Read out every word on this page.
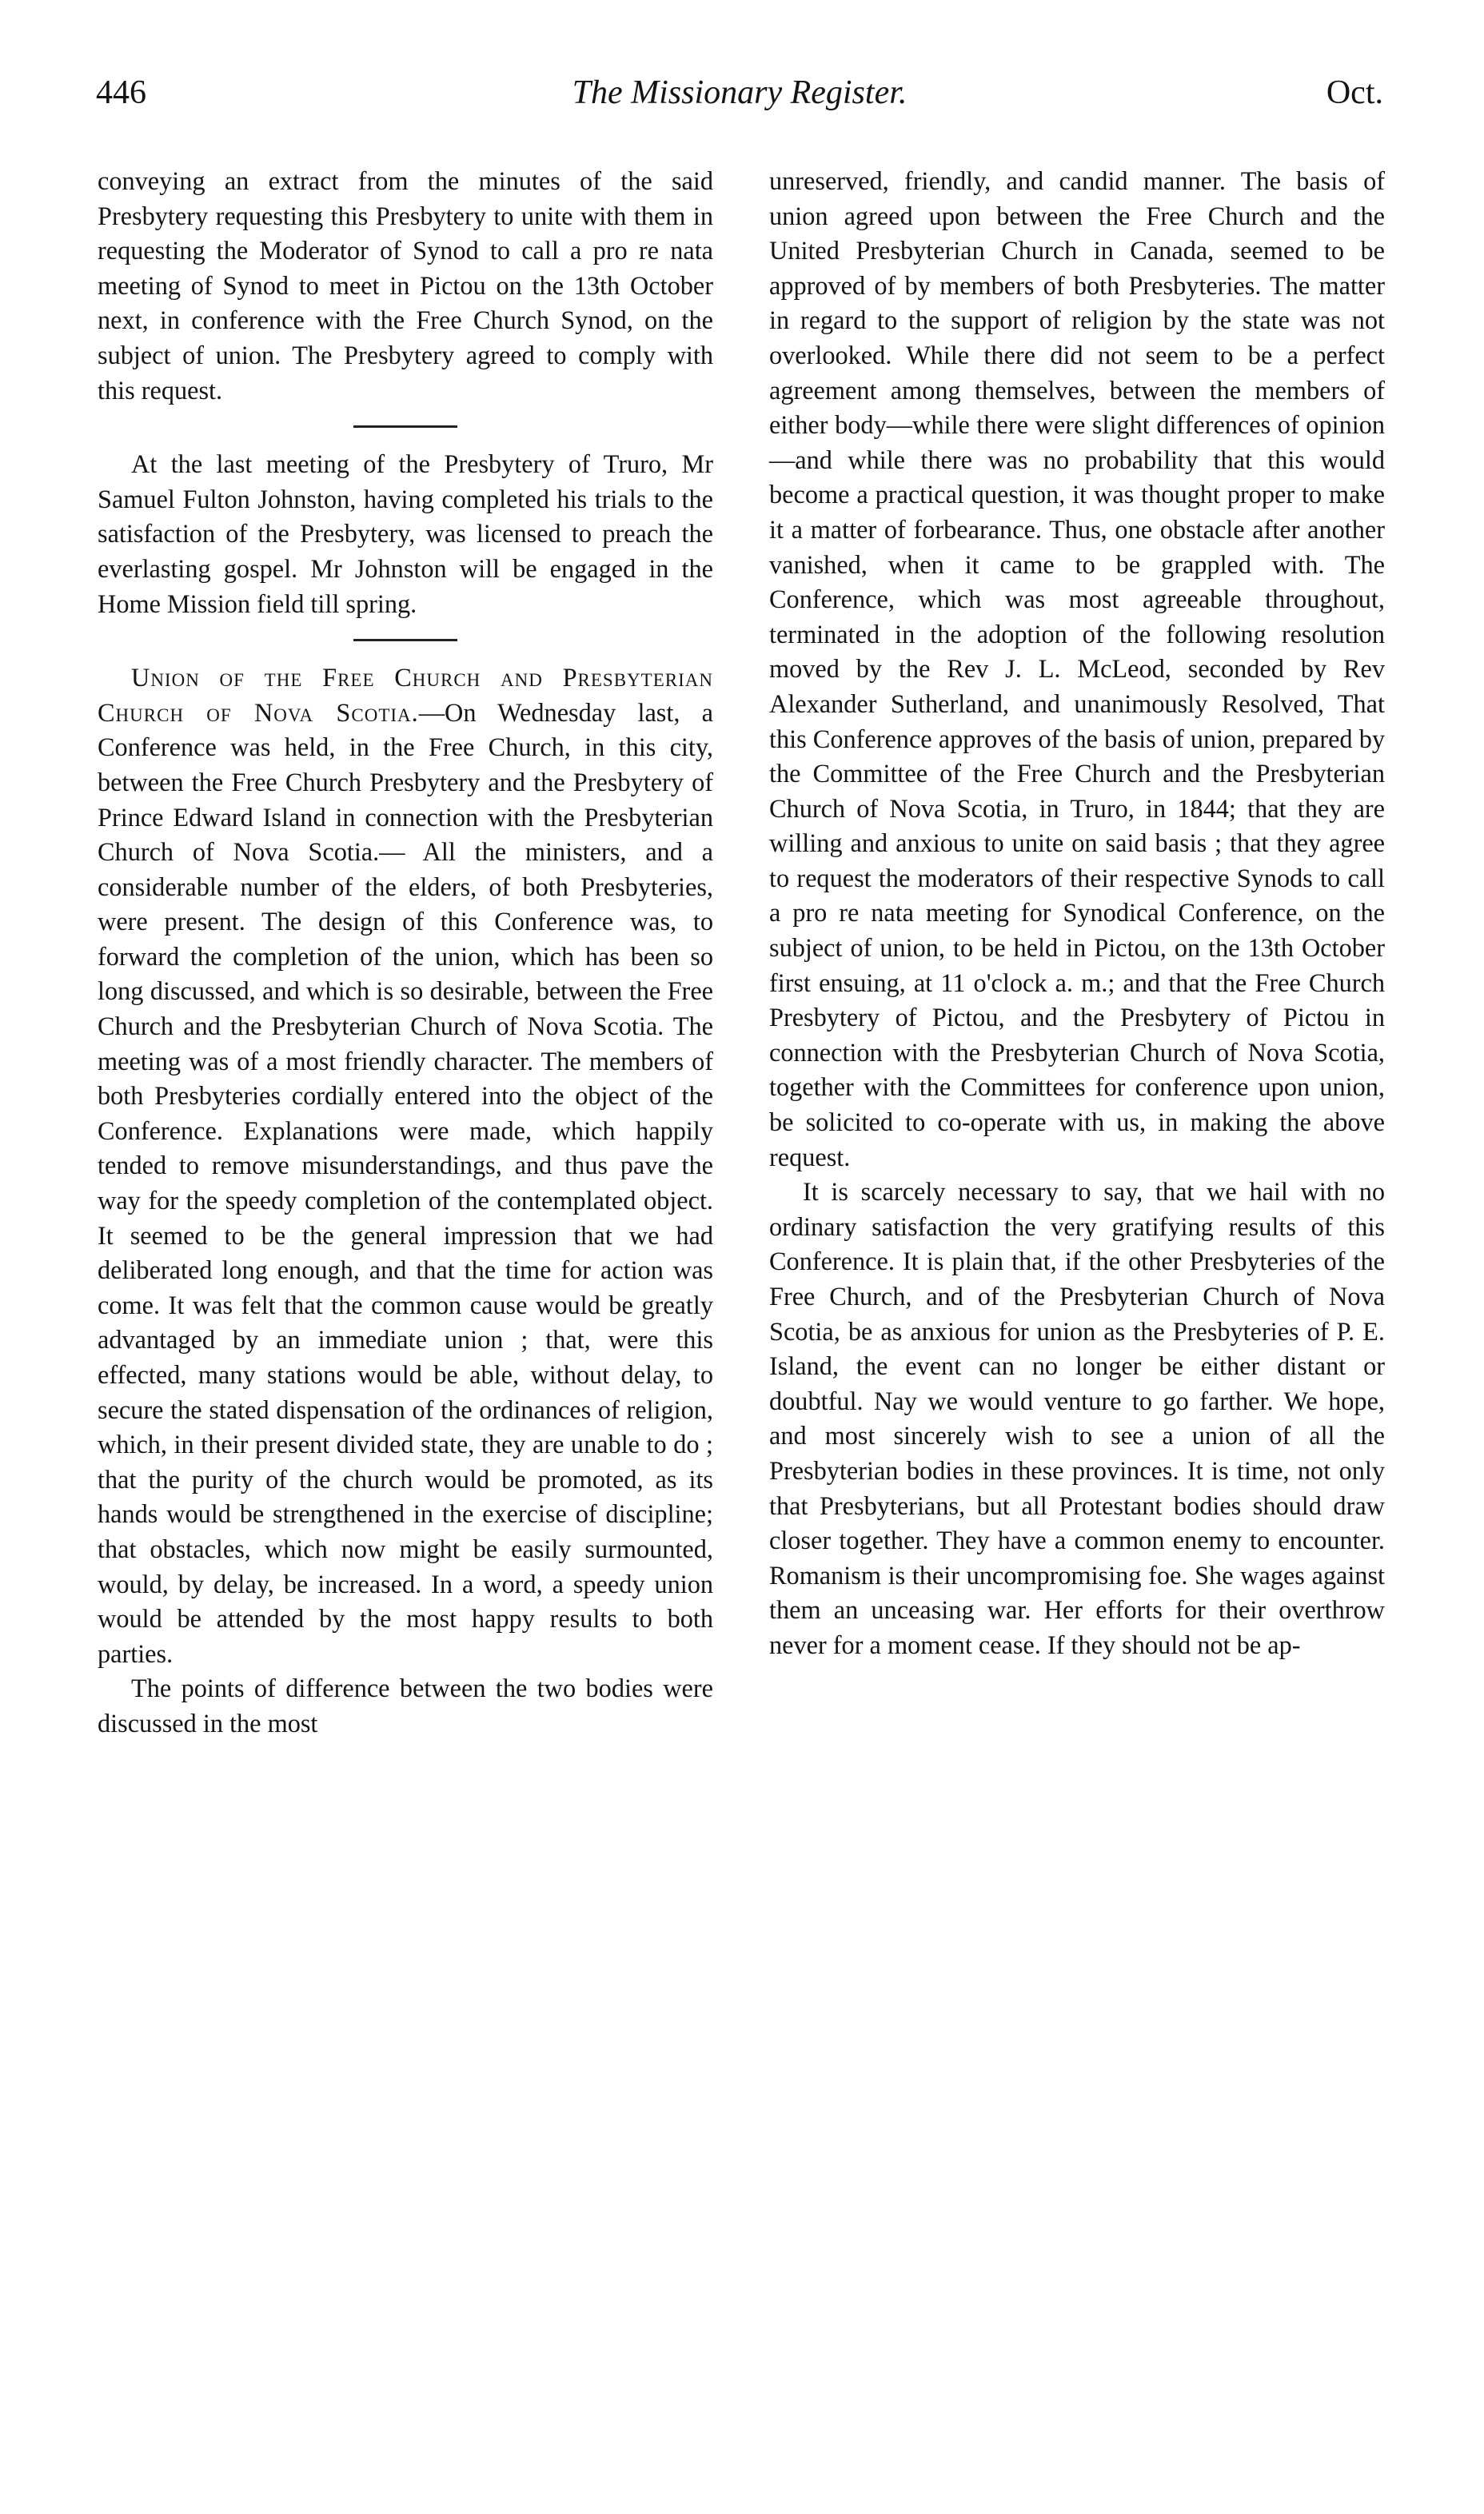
446	The Missionary Register.	Oct.

conveying an extract from the minutes of the said Presbytery requesting this Presbytery to unite with them in requesting the Moderator of Synod to call a pro re nata meeting of Synod to meet in Pictou on the 13th October next, in conference with the Free Church Synod, on the subject of union. The Presbytery agreed to comply with this request.

At the last meeting of the Presbytery of Truro, Mr Samuel Fulton Johnston, having completed his trials to the satisfaction of the Presbytery, was licensed to preach the everlasting gospel. Mr Johnston will be engaged in the Home Mission field till spring.

Union of the Free Church and Presbyterian Church of Nova Scotia.—On Wednesday last, a Conference was held, in the Free Church, in this city, between the Free Church Presbytery and the Presbytery of Prince Edward Island in connection with the Presbyterian Church of Nova Scotia.— All the ministers, and a considerable number of the elders, of both Presbyteries, were present. The design of this Conference was, to forward the completion of the union, which has been so long discussed, and which is so desirable, between the Free Church and the Presbyterian Church of Nova Scotia. The meeting was of a most friendly character. The members of both Presbyteries cordially entered into the object of the Conference. Explanations were made, which happily tended to remove misunderstandings, and thus pave the way for the speedy completion of the contemplated object. It seemed to be the general impression that we had deliberated long enough, and that the time for action was come. It was felt that the common cause would be greatly advantaged by an immediate union ; that, were this effected, many stations would be able, without delay, to secure the stated dispensation of the ordinances of religion, which, in their present divided state, they are unable to do ; that the purity of the church would be promoted, as its hands would be strengthened in the exercise of discipline; that obstacles, which now might be easily surmounted, would, by delay, be increased. In a word, a speedy union would be attended by the most happy results to both parties.

The points of difference between the two bodies were discussed in the most

unreserved, friendly, and candid manner. The basis of union agreed upon between the Free Church and the United Presbyterian Church in Canada, seemed to be approved of by members of both Presbyteries. The matter in regard to the support of religion by the state was not overlooked. While there did not seem to be a perfect agreement among themselves, between the members of either body—while there were slight differences of opinion—and while there was no probability that this would become a practical question, it was thought proper to make it a matter of forbearance. Thus, one obstacle after another vanished, when it came to be grappled with. The Conference, which was most agreeable throughout, terminated in the adoption of the following resolution moved by the Rev J. L. McLeod, seconded by Rev Alexander Sutherland, and unanimously Resolved, That this Conference approves of the basis of union, prepared by the Committee of the Free Church and the Presbyterian Church of Nova Scotia, in Truro, in 1844; that they are willing and anxious to unite on said basis ; that they agree to request the moderators of their respective Synods to call a pro re nata meeting for Synodical Conference, on the subject of union, to be held in Pictou, on the 13th October first ensuing, at 11 o'clock a. m.; and that the Free Church Presbytery of Pictou, and the Presbytery of Pictou in connection with the Presbyterian Church of Nova Scotia, together with the Committees for conference upon union, be solicited to co-operate with us, in making the above request.

It is scarcely necessary to say, that we hail with no ordinary satisfaction the very gratifying results of this Conference. It is plain that, if the other Presbyteries of the Free Church, and of the Presbyterian Church of Nova Scotia, be as anxious for union as the Presbyteries of P. E. Island, the event can no longer be either distant or doubtful. Nay we would venture to go farther. We hope, and most sincerely wish to see a union of all the Presbyterian bodies in these provinces. It is time, not only that Presbyterians, but all Protestant bodies should draw closer together. They have a common enemy to encounter. Romanism is their uncompromising foe. She wages against them an unceasing war. Her efforts for their overthrow never for a moment cease. If they should not be ap-
